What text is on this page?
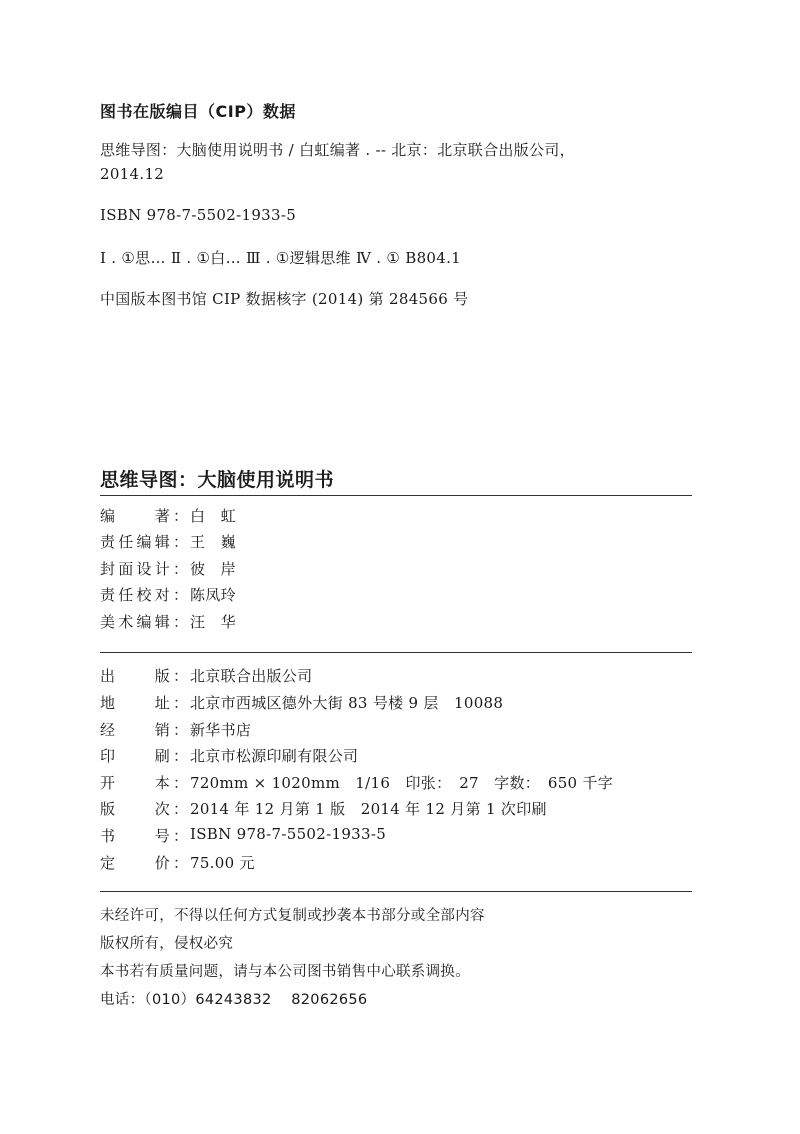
图书在版编目（CIP）数据
思维导图：大脑使用说明书 / 白虹编著 . -- 北京：北京联合出版公司，
2014.12
ISBN 978-7-5502-1933-5
Ⅰ . ①思… Ⅱ . ①白… Ⅲ . ①逻辑思维 Ⅳ . ① B804.1
中国版本图书馆 CIP 数据核字 (2014) 第 284566 号
思维导图：大脑使用说明书
编　　著： 白　虹
责任编辑： 王　巍
封面设计： 彼　岸
责任校对： 陈凤玲
美术编辑： 汪　华
出　　版： 北京联合出版公司
地　　址： 北京市西城区德外大街 83 号楼 9 层　10088
经　　销： 新华书店
印　　刷： 北京市松源印刷有限公司
开　　本： 720mm × 1020mm　1/16　印张：　27　字数：　650 千字
版　　次： 2014 年 12 月第 1 版　2014 年 12 月第 1 次印刷
书　　号： ISBN 978-7-5502-1933-5
定　　价： 75.00 元
未经许可，不得以任何方式复制或抄袭本书部分或全部内容
版权所有，侵权必究
本书若有质量问题，请与本公司图书销售中心联系调换。
电话：（010）64243832　 82062656
